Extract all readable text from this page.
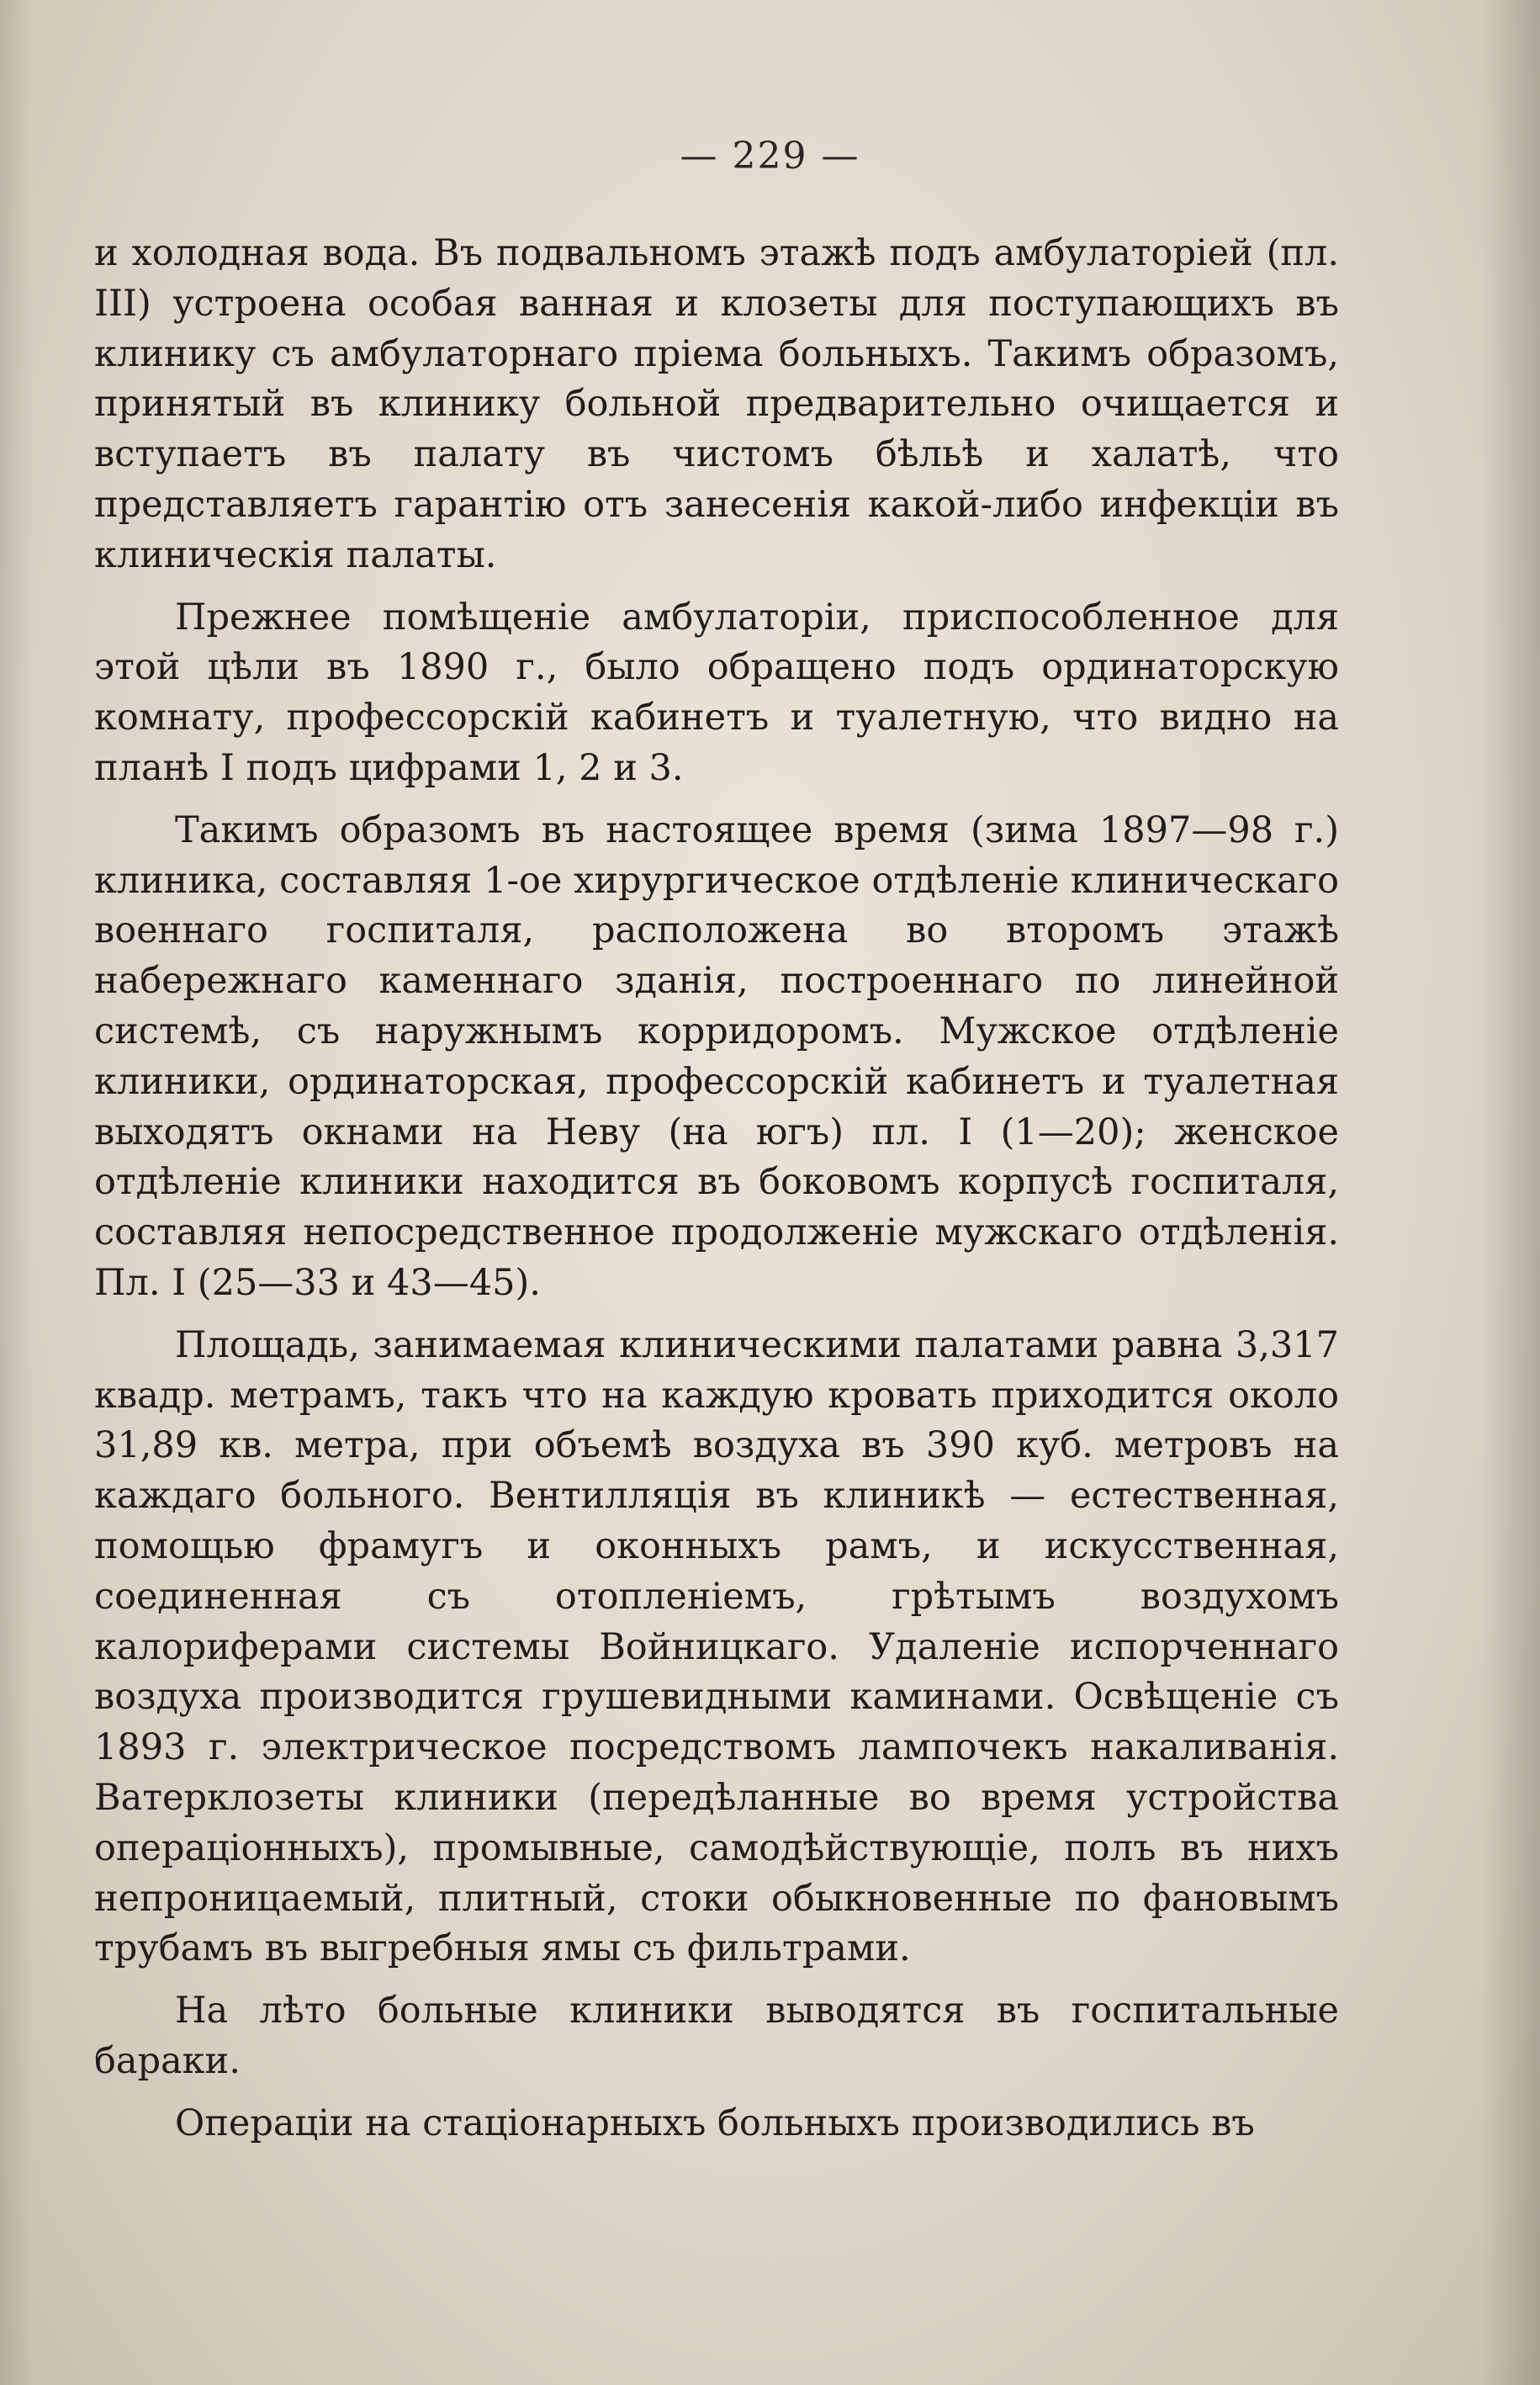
— 229 —

и холодная вода. Въ подвальномъ этажѣ подъ амбулаторіей (пл. III) устроена особая ванная и клозеты для поступающихъ въ клинику съ амбулаторнаго пріема больныхъ. Такимъ образомъ, принятый въ клинику больной предварительно очищается и вступаетъ въ палату въ чистомъ бѣльѣ и халатѣ, что представляетъ гарантію отъ занесенія какой-либо инфекціи въ клиническія палаты.

Прежнее помѣщеніе амбулаторіи, приспособленное для этой цѣли въ 1890 г., было обращено подъ ординаторскую комнату, профессорскій кабинетъ и туалетную, что видно на планѣ I подъ цифрами 1, 2 и 3.

Такимъ образомъ въ настоящее время (зима 1897—98 г.) клиника, составляя 1-ое хирургическое отдѣленіе клиническаго военнаго госпиталя, расположена во второмъ этажѣ набережнаго каменнаго зданія, построеннаго по линейной системѣ, съ наружнымъ корридоромъ. Мужское отдѣленіе клиники, ординаторская, профессорскій кабинетъ и туалетная выходятъ окнами на Неву (на югъ) пл. I (1—20); женское отдѣленіе клиники находится въ боковомъ корпусѣ госпиталя, составляя непосредственное продолженіе мужскаго отдѣленія. Пл. I (25—33 и 43—45).

Площадь, занимаемая клиническими палатами равна 3,317 квадр. метрамъ, такъ что на каждую кровать приходится около 31,89 кв. метра, при объемѣ воздуха въ 390 куб. метровъ на каждаго больного. Вентилляція въ клиникѣ — естественная, помощью фрамугъ и оконныхъ рамъ, и искусственная, соединенная съ отопленіемъ, грѣтымъ воздухомъ калориферами системы Войницкаго. Удаленіе испорченнаго воздуха производится грушевидными каминами. Освѣщеніе съ 1893 г. электрическое посредствомъ лампочекъ накаливанія. Ватерклозеты клиники (передѣланные во время устройства операціонныхъ), промывные, самодѣйствующіе, полъ въ нихъ непроницаемый, плитный, стоки обыкновенные по фановымъ трубамъ въ выгребныя ямы съ фильтрами.

На лѣто больные клиники выводятся въ госпитальные бараки.

Операціи на стаціонарныхъ больныхъ производились въ
